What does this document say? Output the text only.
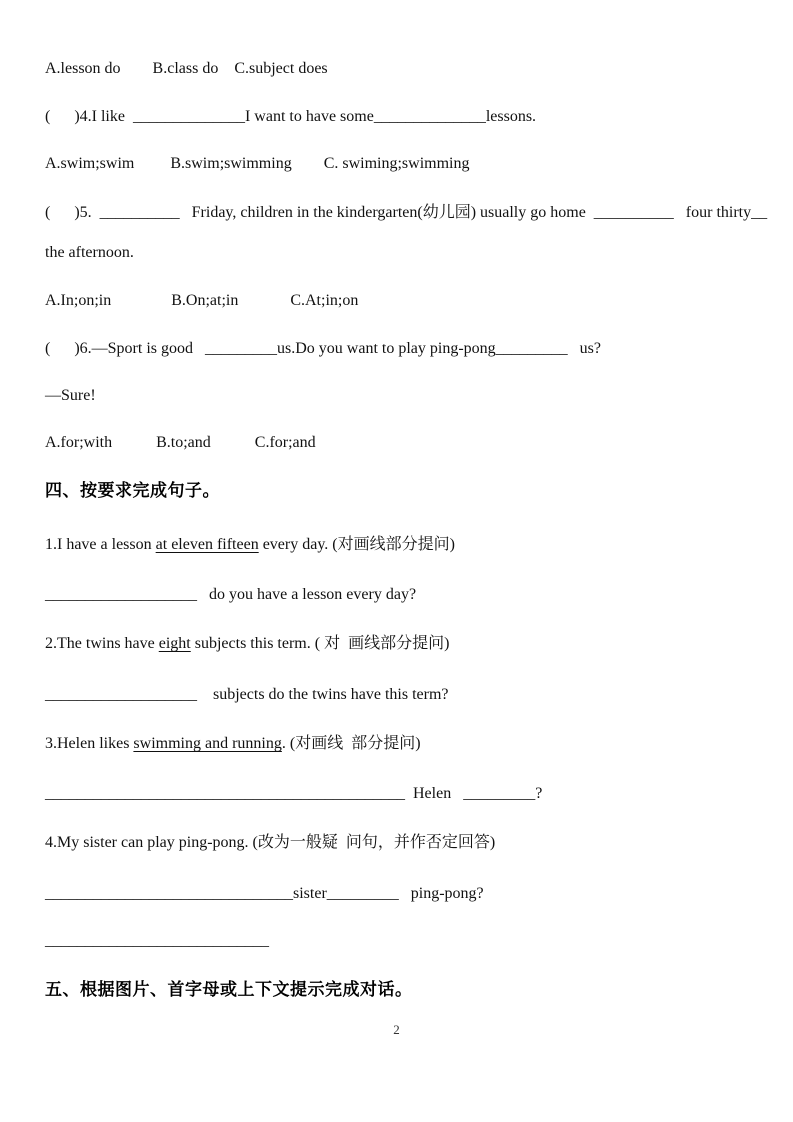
A.lesson do        B.class do    C.subject does
(      )4.I like  ______________I want to have some______________lessons.
A.swim;swim         B.swim;swimming        C. swiming;swimming
(      )5.  __________   Friday, children in the kindergarten(幼儿园) usually go home  __________   four thirty__
the afternoon.
A.In;on;in               B.On;at;in             C.At;in;on
(      )6.—Sport is good   _________us.Do you want to play ping-pong_________   us?
—Sure!
A.for;with           B.to;and           C.for;and
四、按要求完成句子。
1.I have a lesson at eleven fifteen every day. (对画线部分提问)
___________________   do you have a lesson every day?
2.The twins have eight subjects this term. ( 对  画线部分提问)
___________________    subjects do the twins have this term?
3.Helen likes swimming and running. (对画线  部分提问)
_____________________________________________  Helen   _________?
4.My sister can play ping-pong. (改为一般疑  问句，并作否定回答)
_______________________________sister_________   ping-pong?
____________________________
五、根据图片、首字母或上下文提示完成对话。
2
